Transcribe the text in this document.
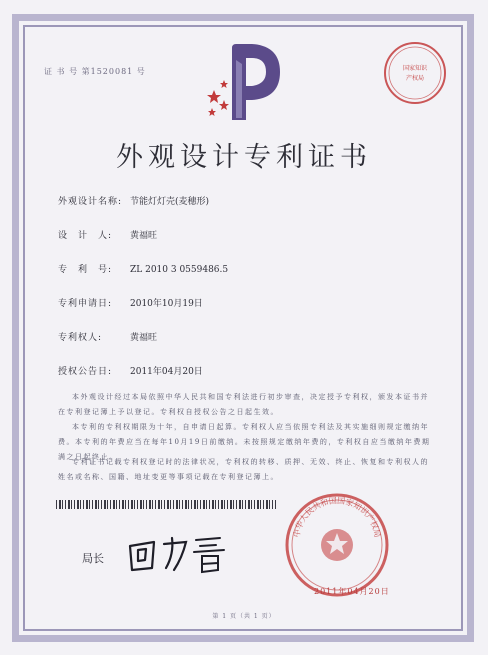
证 书 号 第1520081 号	国家知识
产权局
外观设计专利证书
外观设计名称: 节能灯灯壳(麦穗形)
设　计　人: 黄福旺
专　利　号: ZL 2010 3 0559486.5
专利申请日: 2010年10月19日
专利权人:	黄福旺
授权公告日: 2011年04月20日
本外观设计经过本局依照中华人民共和国专利法进行初步审查，决定授予专利权，颁发本证书并在专利登记簿上予以登记。专利权自授权公告之日起生效。
本专利的专利权期限为十年，自申请日起算。专利权人应当依照专利法及其实施细则规定缴纳年费。本专利的年费应当在每年10月19日前缴纳。未按照规定缴纳年费的，专利权自应当缴纳年费期满之日起终止。
专利证书记载专利权登记时的法律状况，专利权的转移、质押、无效、终止、恢复和专利权人的姓名或名称、国籍、地址变更等事项记载在专利登记簿上。
局长
中华人民共和国国家知识产权局
2011年04月20日
第 1 页（共 1 页）
